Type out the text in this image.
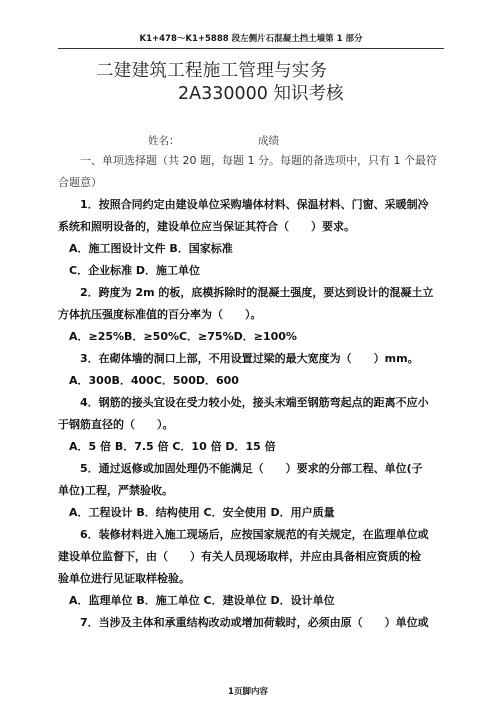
K1+478～K1+5888 段左侧片石混凝土挡土墙第 1 部分
二建建筑工程施工管理与实务
2A330000 知识考核
姓名：	成绩
一、单项选择题（共 20 题，每题 1 分。每题的备选项中，只有 1 个最符
合题意）
1．按照合同约定由建设单位采购墙体材料、保温材料、门窗、采暖制冷
系统和照明设备的，建设单位应当保证其符合（　　）要求。
A．施工图设计文件 B．国家标准
C．企业标准 D．施工单位
2．跨度为 2m 的板，底模拆除时的混凝土强度，要达到设计的混凝土立
方体抗压强度标准值的百分率为（　　）。
A．≥25%B．≥50%C．≥75%D．≥100%
3．在砌体墙的洞口上部，不用设置过梁的最大宽度为（　　）mm。
A．300B．400C．500D．600
4．钢筋的接头宜设在受力较小处，接头末端至钢筋弯起点的距离不应小
于钢筋直径的（　　）。
A．5 倍 B．7.5 倍 C．10 倍 D．15 倍
5．通过返修或加固处理仍不能满足（　　）要求的分部工程、单位(子
单位)工程，严禁验收。
A．工程设计 B．结构使用 C．安全使用 D．用户质量
6．装修材料进入施工现场后，应按国家规范的有关规定，在监理单位或
建设单位监督下，由（　　）有关人员现场取样，并应由具备相应资质的检
验单位进行见证取样检验。
A．监理单位 B．施工单位 C．建设单位 D．设计单位
7．当涉及主体和承重结构改动或增加荷载时，必须由原（　　）单位或
1页脚内容
